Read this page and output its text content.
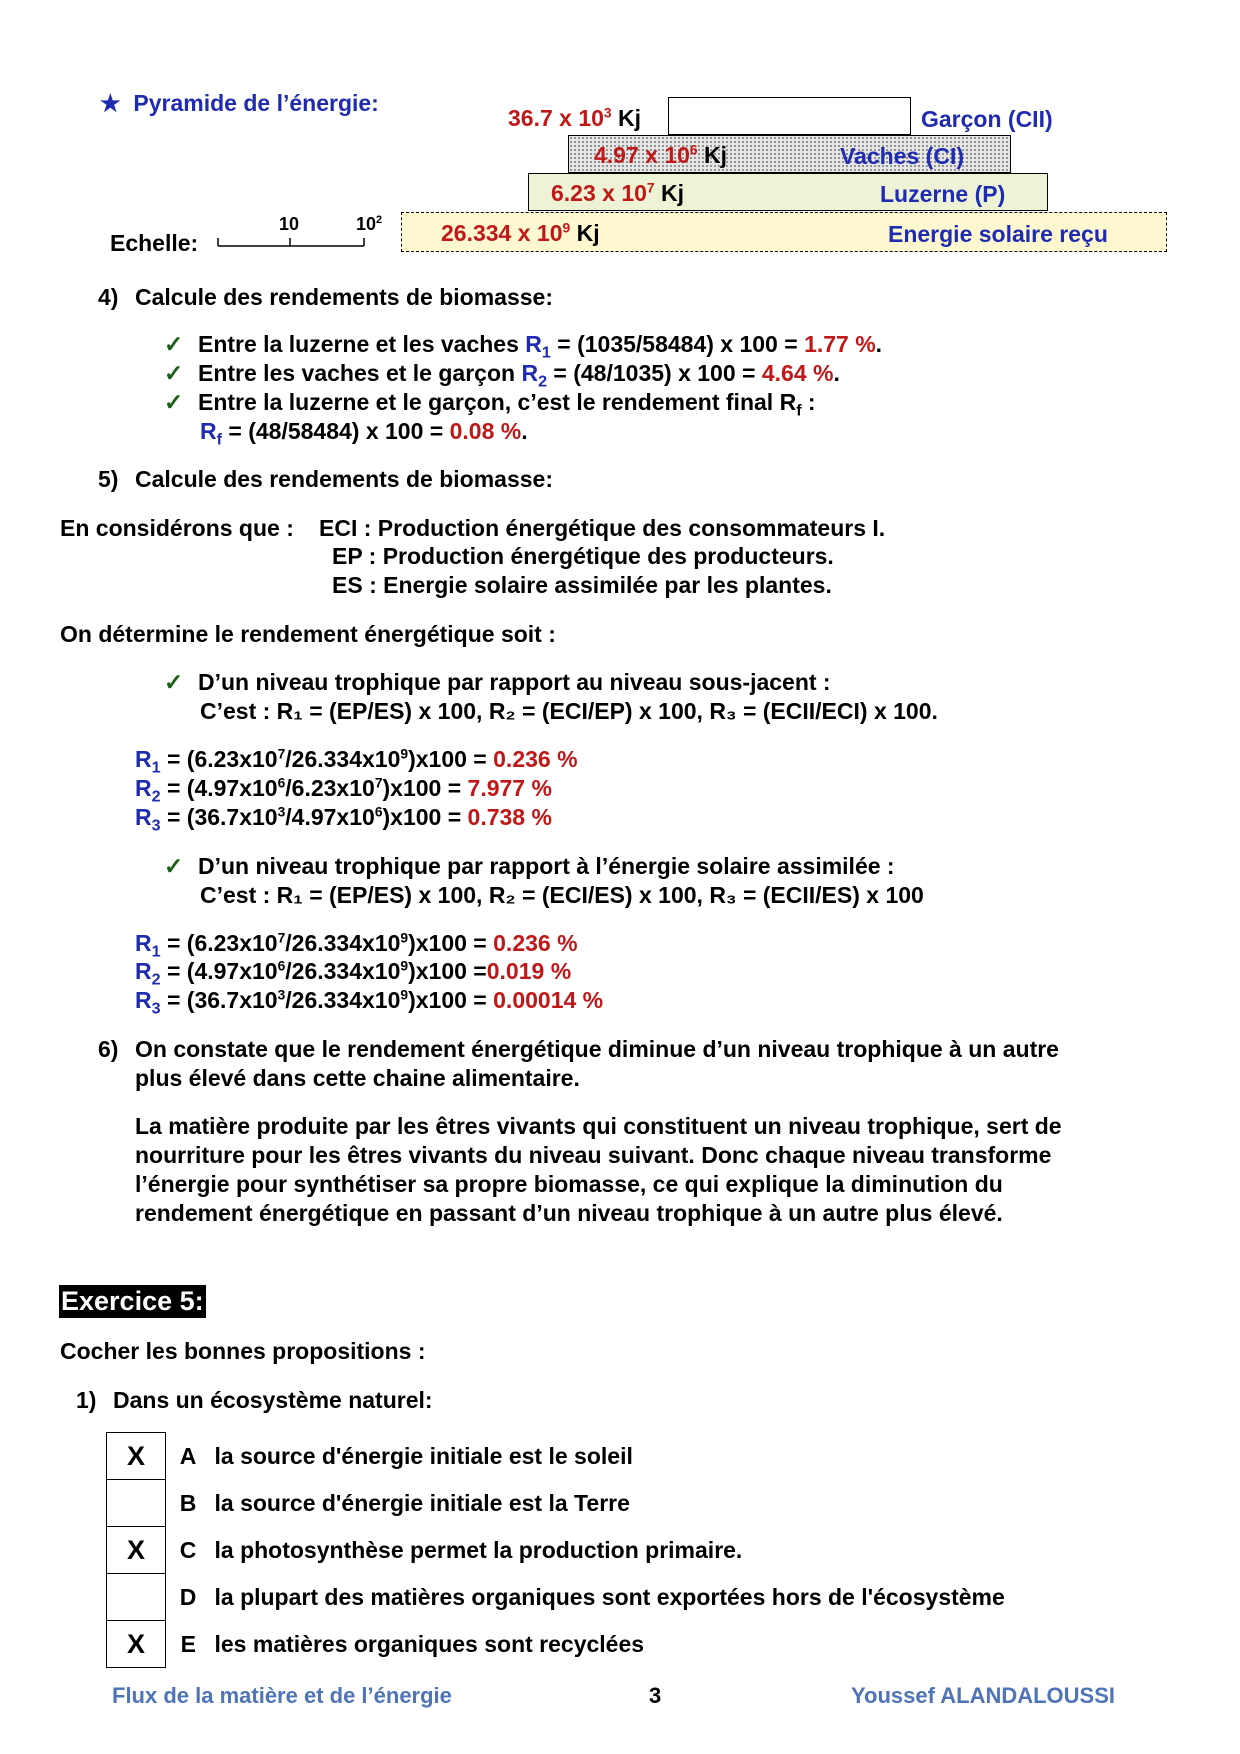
★ Pyramide de l’énergie:
Echelle:
10	$10^2$
36.7 x $10^3$ Kj	Garçon (CII)
4.97 x $10^6$ Kj	Vaches (CI)
6.23 x $10^7$ Kj	Luzerne (P)
26.334 x $10^9$ Kj	Energie solaire reçu
4) Calcule des rendements de biomasse:
✓ Entre la luzerne et les vaches $R_1 = (1035/58484)$ x 100 = 1.77 %.
✓ Entre les vaches et le garçon $R_2 = (48/1035)$ x 100 = 4.64 %.
✓ Entre la luzerne et le garçon, c’est le rendement final $R_f$ :
$R_f = (48/58484)$ x 100 = 0.08 %.
5) Calcule des rendements de biomasse:
En considérons que : ECI : Production énergétique des consommateurs I.
EP : Production énergétique des producteurs.
ES : Energie solaire assimilée par les plantes.
On détermine le rendement énergétique soit :
✓ D’un niveau trophique par rapport au niveau sous-jacent :
C’est : R₁ = (EP/ES) x 100, R₂ = (ECI/EP) x 100, R₃ = (ECII/ECI) x 100.
$R_1 = (6.23x10^7/26.334x10^9)x100 = 0.236$ %
$R_2 = (4.97x10^6/6.23x10^7)x100 = 7.977$ %
$R_3 = (36.7x10^3/4.97x10^6)x100 = 0.738$ %
✓ D’un niveau trophique par rapport à l’énergie solaire assimilée :
C’est : R₁ = (EP/ES) x 100, R₂ = (ECI/ES) x 100, R₃ = (ECII/ES) x 100
$R_1 = (6.23x10^7/26.334x10^9)x100 = 0.236$ %
$R_2 = (4.97x10^6/26.334x10^9)x100 =0.019$ %
$R_3 = (36.7x10^3/26.334x10^9)x100 = 0.00014$ %
6) On constate que le rendement énergétique diminue d’un niveau trophique à un autre
plus élevé dans cette chaine alimentaire.
La matière produite par les êtres vivants qui constituent un niveau trophique, sert de
nourriture pour les êtres vivants du niveau suivant. Donc chaque niveau transforme
l’énergie pour synthétiser sa propre biomasse, ce qui explique la diminution du
rendement énergétique en passant d’un niveau trophique à un autre plus élevé.
Exercice 5:
Cocher les bonnes propositions :
1) Dans un écosystème naturel:
X	A	la source d'énergie initiale est le soleil
	B	la source d'énergie initiale est la Terre
X	C	la photosynthèse permet la production primaire.
	D	la plupart des matières organiques sont exportées hors de l'écosystème
X	E	les matières organiques sont recyclées
Flux de la matière et de l’énergie	3	Youssef ALANDALOUSSI
